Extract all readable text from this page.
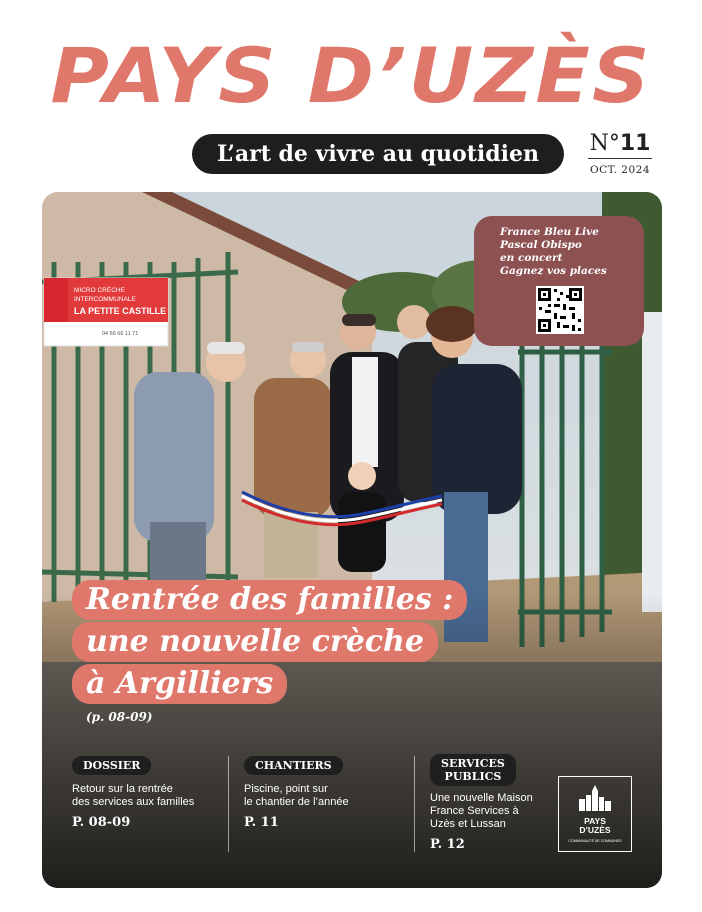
PAYS D’UZÈS
L’art de vivre au quotidien	N°11
OCT. 2024
MICRO CRÈCHE
INTERCOMMUNALE
LA PETITE CASTILLE
04 66 66 11 71
France Bleu Live
Pascal Obispo
en concert
Gagnez vos places
Rentrée des familles :
une nouvelle crèche
à Argilliers
(p. 08-09)
DOSSIER
Retour sur la rentrée
des services aux familles
P. 08-09
CHANTIERS
Piscine, point sur
le chantier de l’année
P. 11
SERVICES
PUBLICS
Une nouvelle Maison
France Services à
Uzès et Lussan
P. 12
PAYS
D’UZÈS
COMMUNAUTÉ DE COMMUNES
